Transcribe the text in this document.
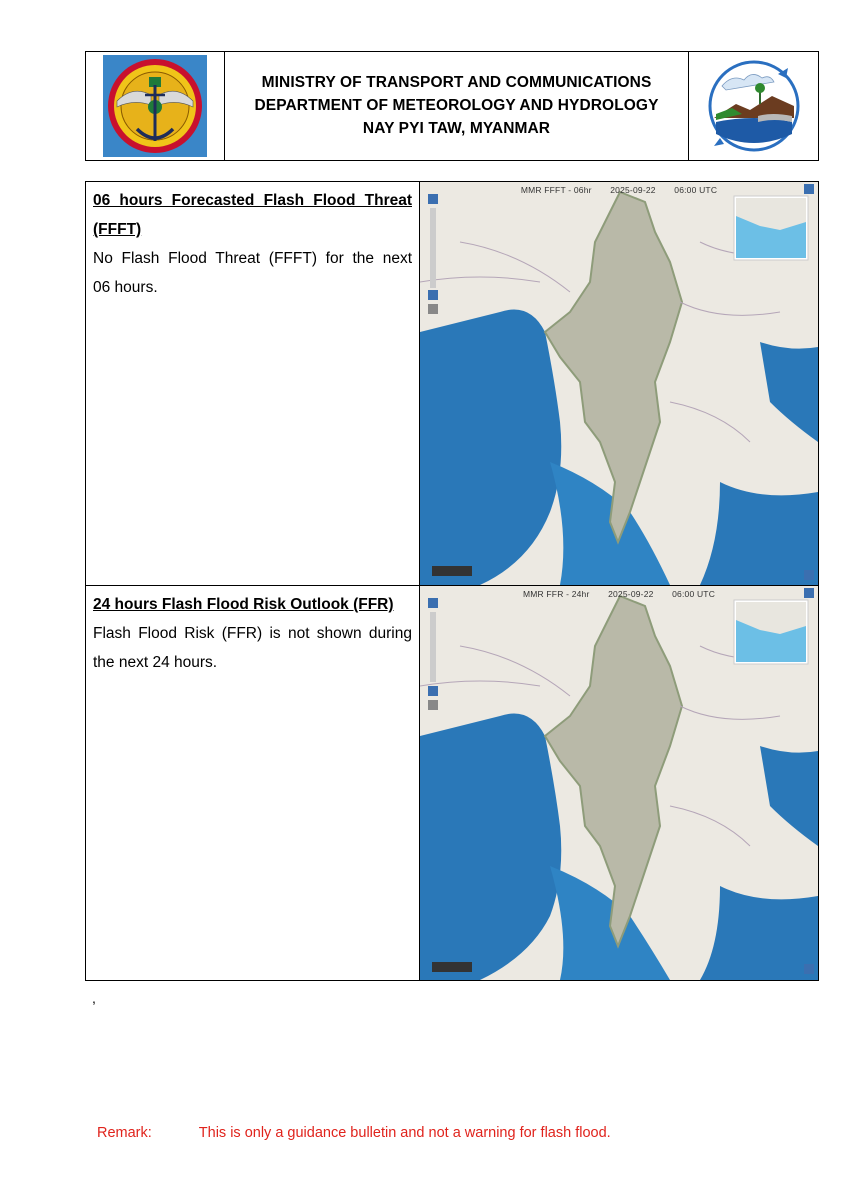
MINISTRY OF TRANSPORT AND COMMUNICATIONS
DEPARTMENT OF METEOROLOGY AND HYDROLOGY
NAY PYI TAW, MYANMAR
06 hours Forecasted Flash Flood Threat
(FFFT)
No Flash Flood Threat (FFFT) for the next
06 hours.
MMR FFFT - 06hr 2025-09-22 06:00 UTC
24 hours Flash Flood Risk Outlook (FFR)
Flash Flood Risk (FFR) is not shown during
the next 24 hours.
MMR FFR - 24hr 2025-09-22 06:00 UTC
,
Remark:	This is only a guidance bulletin and not a warning for flash flood.
